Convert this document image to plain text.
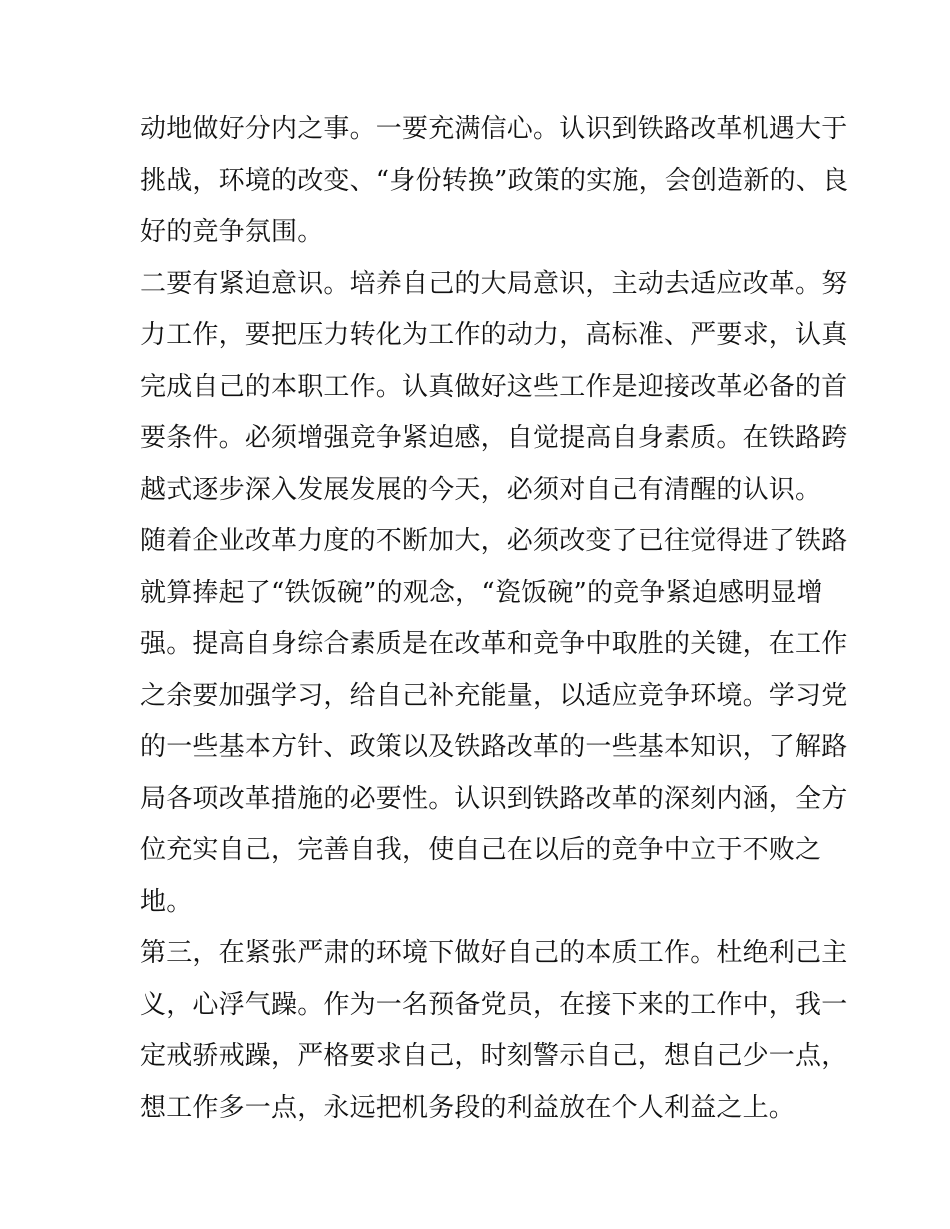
动地做好分内之事。一要充满信心。认识到铁路改革机遇大于
挑战，环境的改变、“身份转换”政策的实施，会创造新的、良
好的竞争氛围。
二要有紧迫意识。培养自己的大局意识，主动去适应改革。努
力工作，要把压力转化为工作的动力，高标准、严要求，认真
完成自己的本职工作。认真做好这些工作是迎接改革必备的首
要条件。必须增强竞争紧迫感，自觉提高自身素质。在铁路跨
越式逐步深入发展发展的今天，必须对自己有清醒的认识。
随着企业改革力度的不断加大，必须改变了已往觉得进了铁路
就算捧起了“铁饭碗”的观念，“瓷饭碗”的竞争紧迫感明显增
强。提高自身综合素质是在改革和竞争中取胜的关键，在工作
之余要加强学习，给自己补充能量，以适应竞争环境。学习党
的一些基本方针、政策以及铁路改革的一些基本知识，了解路
局各项改革措施的必要性。认识到铁路改革的深刻内涵，全方
位充实自己，完善自我，使自己在以后的竞争中立于不败之
地。
第三，在紧张严肃的环境下做好自己的本质工作。杜绝利己主
义，心浮气躁。作为一名预备党员，在接下来的工作中，我一
定戒骄戒躁，严格要求自己，时刻警示自己，想自己少一点，
想工作多一点，永远把机务段的利益放在个人利益之上。
